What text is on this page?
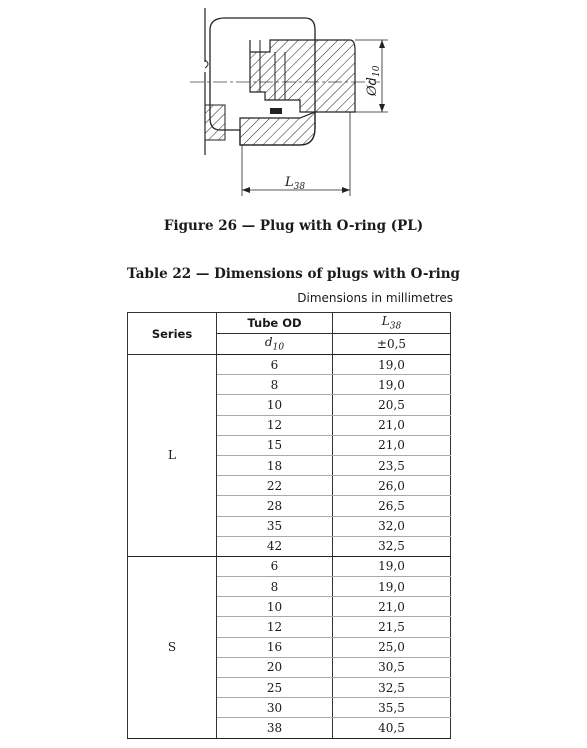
$Ød_{10}$
$L_{38}$
Figure 26 — Plug with O-ring (PL)
Table 22 — Dimensions of plugs with O-ring
Dimensions in millimetres
Series	Tube OD	$L_{38}$
	$d_{10}$	±0,5
L	6	19,0
	8	19,0
	10	20,5
	12	21,0
	15	21,0
	18	23,5
	22	26,0
	28	26,5
	35	32,0
	42	32,5
S	6	19,0
	8	19,0
	10	21,0
	12	21,5
	16	25,0
	20	30,5
	25	32,5
	30	35,5
	38	40,5
